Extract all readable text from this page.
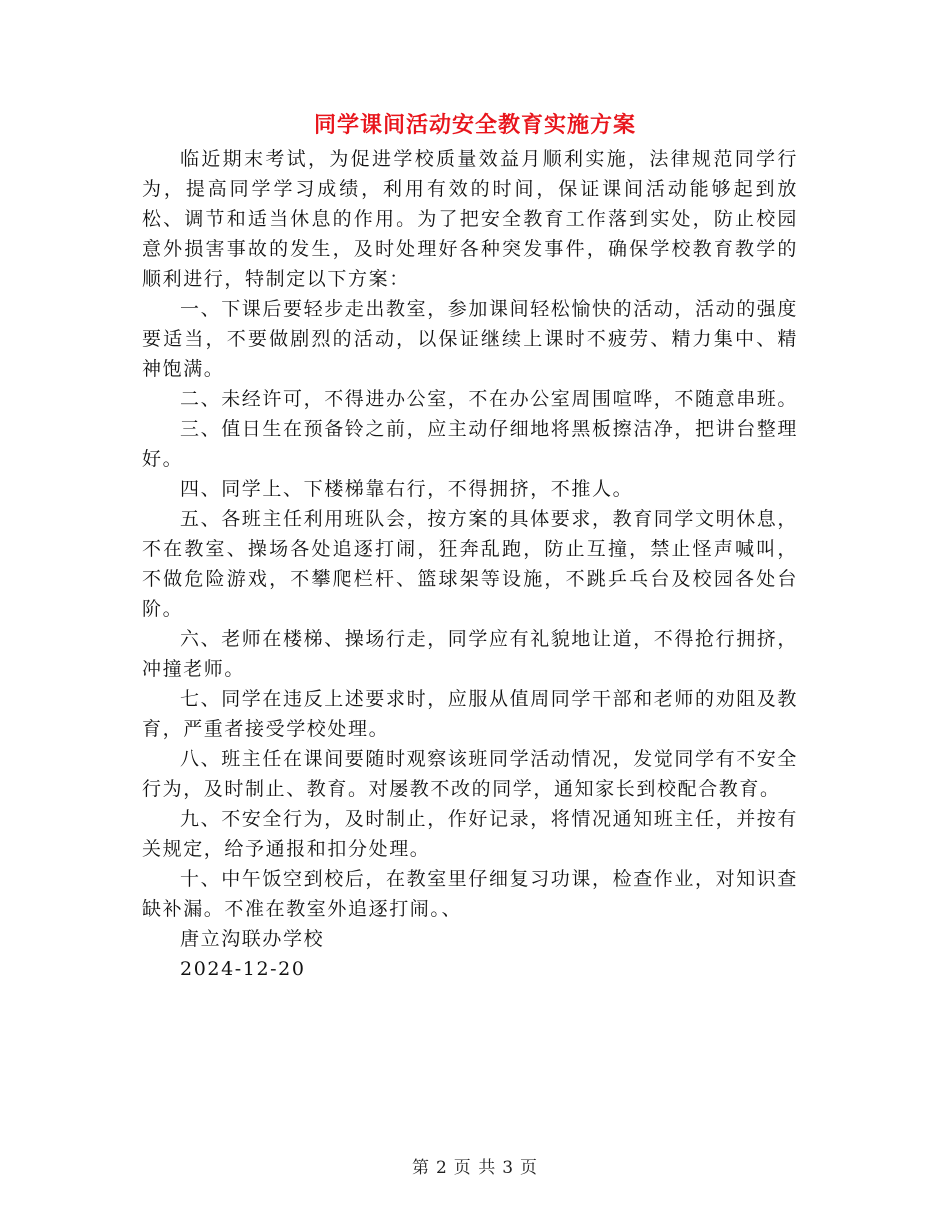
同学课间活动安全教育实施方案

临近期末考试，为促进学校质量效益月顺利实施，法律规范同学行为，提高同学学习成绩，利用有效的时间，保证课间活动能够起到放松、调节和适当休息的作用。为了把安全教育工作落到实处，防止校园意外损害事故的发生，及时处理好各种突发事件，确保学校教育教学的顺利进行，特制定以下方案：

一、下课后要轻步走出教室，参加课间轻松愉快的活动，活动的强度要适当，不要做剧烈的活动，以保证继续上课时不疲劳、精力集中、精神饱满。

二、未经许可，不得进办公室，不在办公室周围喧哗，不随意串班。

三、值日生在预备铃之前，应主动仔细地将黑板擦洁净，把讲台整理好。

四、同学上、下楼梯靠右行，不得拥挤，不推人。

五、各班主任利用班队会，按方案的具体要求，教育同学文明休息，不在教室、操场各处追逐打闹，狂奔乱跑，防止互撞，禁止怪声喊叫，不做危险游戏，不攀爬栏杆、篮球架等设施，不跳乒乓台及校园各处台阶。

六、老师在楼梯、操场行走，同学应有礼貌地让道，不得抢行拥挤，冲撞老师。

七、同学在违反上述要求时，应服从值周同学干部和老师的劝阻及教育，严重者接受学校处理。

八、班主任在课间要随时观察该班同学活动情况，发觉同学有不安全行为，及时制止、教育。对屡教不改的同学，通知家长到校配合教育。

九、不安全行为，及时制止，作好记录，将情况通知班主任，并按有关规定，给予通报和扣分处理。

十、中午饭空到校后，在教室里仔细复习功课，检查作业，对知识查缺补漏。不准在教室外追逐打闹。、

唐立沟联办学校

2024-12-20

第 2 页 共 3 页
